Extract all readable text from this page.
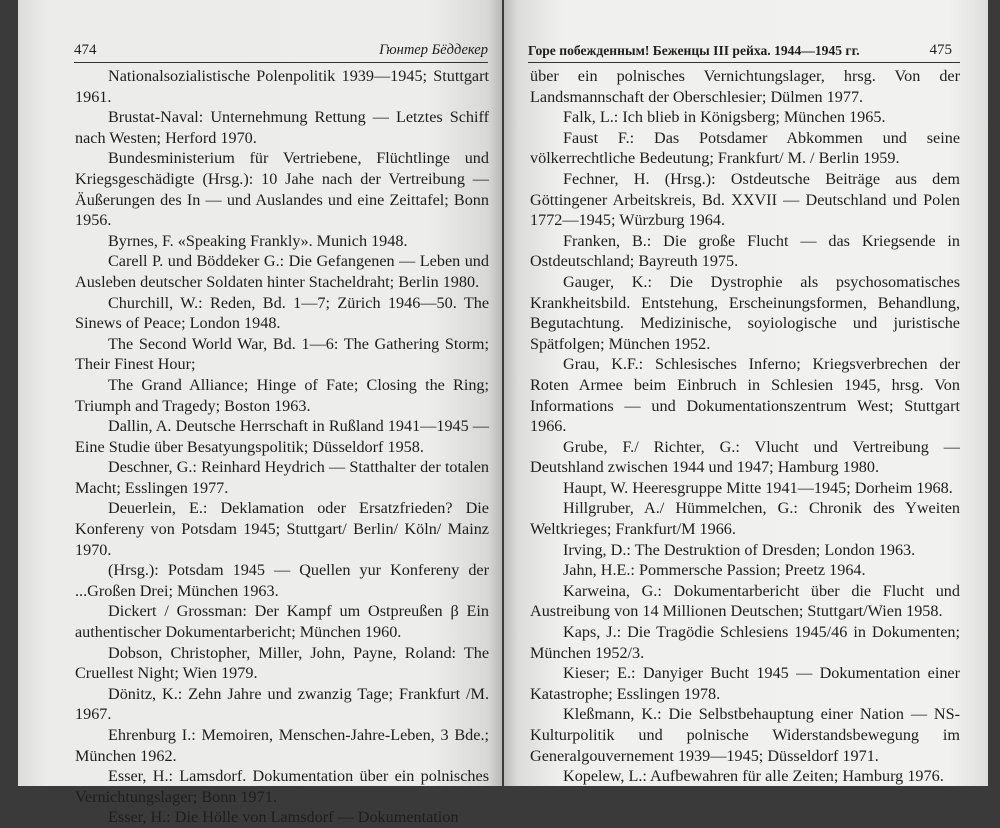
474	Гюнтер Бёддекер

Nationalsozialistische Polenpolitik 1939—1945; Stuttgart 1961.

Brustat-Naval: Unternehmung Rettung — Letztes Schiff nach Westen; Herford 1970.

Bundesministerium für Vertriebene, Flüchtlinge und Kriegsgeschädigte (Hrsg.): 10 Jahe nach der Vertreibung — Äußerungen des In — und Auslandes und eine Zeittafel; Bonn 1956.

Byrnes, F. «Speaking Frankly». Munich 1948.

Carell P. und Böddeker G.: Die Gefangenen — Leben und Ausleben deutscher Soldaten hinter Stacheldraht; Berlin 1980.

Churchill, W.: Reden, Bd. 1—7; Zürich 1946—50. The Sinews of Peace; London 1948.

The Second World War, Bd. 1—6: The Gathering Storm; Their Finest Hour;

The Grand Alliance; Hinge of Fate; Closing the Ring; Triumph and Tragedy; Boston 1963.

Dallin, A. Deutsche Herrschaft in Rußland 1941—1945 — Eine Studie über Besatyungspolitik; Düsseldorf 1958.

Deschner, G.: Reinhard Heydrich — Statthalter der totalen Macht; Esslingen 1977.

Deuerlein, E.: Deklamation oder Ersatzfrieden? Die Konfereny von Potsdam 1945; Stuttgart/ Berlin/ Köln/ Mainz 1970.

(Hrsg.): Potsdam 1945 — Quellen yur Konfereny der ...Großen Drei; München 1963.

Dickert / Grossman: Der Kampf um Ostpreußen β Ein authentischer Dokumentarbericht; München 1960.

Dobson, Christopher, Miller, John, Payne, Roland: The Cruellest Night; Wien 1979.

Dönitz, K.: Zehn Jahre und zwanzig Tage; Frankfurt /M. 1967.

Ehrenburg I.: Memoiren, Menschen-Jahre-Leben, 3 Bde.; München 1962.

Esser, H.: Lamsdorf. Dokumentation über ein polnisches Vernichtungslager; Bonn 1971.

Esser, H.: Die Hölle von Lamsdorf — Dokumentation

Горе побежденным! Беженцы III рейха. 1944—1945 гг.	475

über ein polnisches Vernichtungslager, hrsg. Von der Landsmannschaft der Oberschlesier; Dülmen 1977.

Falk, L.: Ich blieb in Königsberg; München 1965.

Faust F.: Das Potsdamer Abkommen und seine völkerrechtliche Bedeutung; Frankfurt/ M. / Berlin 1959.

Fechner, H. (Hrsg.): Ostdeutsche Beiträge aus dem Göttingener Arbeitskreis, Bd. XXVII — Deutschland und Polen 1772—1945; Würzburg 1964.

Franken, B.: Die große Flucht — das Kriegsende in Ostdeutschland; Bayreuth 1975.

Gauger, K.: Die Dystrophie als psychosomatisches Krankheitsbild. Entstehung, Erscheinungsformen, Behandlung, Begutachtung. Medizinische, soyiologische und juristische Spätfolgen; München 1952.

Grau, K.F.: Schlesisches Inferno; Kriegsverbrechen der Roten Armee beim Einbruch in Schlesien 1945, hrsg. Von Informations — und Dokumentationszentrum West; Stuttgart 1966.

Grube, F./ Richter, G.: Vlucht und Vertreibung — Deutshland zwischen 1944 und 1947; Hamburg 1980.

Haupt, W. Heeresgruppe Mitte 1941—1945; Dorheim 1968.

Hillgruber, A./ Hümmelchen, G.: Chronik des Yweiten Weltkrieges; Frankfurt/M 1966.

Irving, D.: The Destruktion of Dresden; London 1963.

Jahn, H.E.: Pommersche Passion; Preetz 1964.

Karweina, G.: Dokumentarbericht über die Flucht und Austreibung von 14 Millionen Deutschen; Stuttgart/Wien 1958.

Kaps, J.: Die Tragödie Schlesiens 1945/46 in Dokumenten; München 1952/3.

Kieser; E.: Danyiger Bucht 1945 — Dokumentation einer Katastrophe; Esslingen 1978.

Kleßmann, K.: Die Selbstbehauptung einer Nation — NS-Kulturpolitik und polnische Widerstandsbewegung im Generalgouvernement 1939—1945; Düsseldorf 1971.

Kopelew, L.: Aufbewahren für alle Zeiten; Hamburg 1976.
